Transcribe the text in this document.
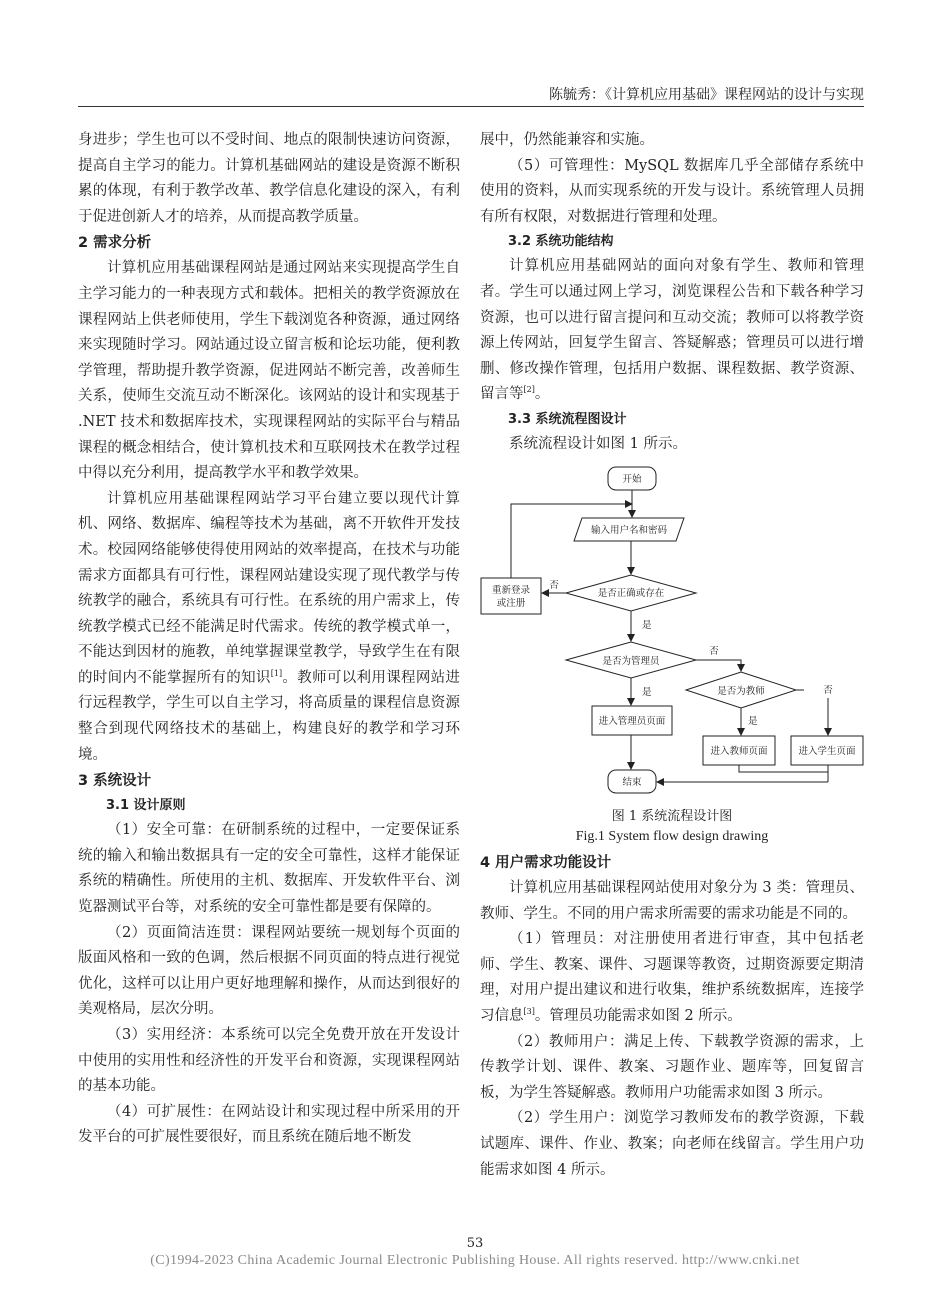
陈毓秀：《计算机应用基础》课程网站的设计与实现

身进步；学生也可以不受时间、地点的限制快速访问资源，提高自主学习的能力。计算机基础网站的建设是资源不断积累的体现，有利于教学改革、教学信息化建设的深入，有利于促进创新人才的培养，从而提高教学质量。

2 需求分析

计算机应用基础课程网站是通过网站来实现提高学生自主学习能力的一种表现方式和载体。把相关的教学资源放在课程网站上供老师使用，学生下载浏览各种资源，通过网络来实现随时学习。网站通过设立留言板和论坛功能，便利教学管理，帮助提升教学资源，促进网站不断完善，改善师生关系，使师生交流互动不断深化。该网站的设计和实现基于 .NET 技术和数据库技术，实现课程网站的实际平台与精品课程的概念相结合，使计算机技术和互联网技术在教学过程中得以充分利用，提高教学水平和教学效果。

计算机应用基础课程网站学习平台建立要以现代计算机、网络、数据库、编程等技术为基础，离不开软件开发技术。校园网络能够使得使用网站的效率提高，在技术与功能需求方面都具有可行性，课程网站建设实现了现代教学与传统教学的融合，系统具有可行性。在系统的用户需求上，传统教学模式已经不能满足时代需求。传统的教学模式单一，不能达到因材的施教，单纯掌握课堂教学，导致学生在有限的时间内不能掌握所有的知识[1]。教师可以利用课程网站进行远程教学，学生可以自主学习，将高质量的课程信息资源整合到现代网络技术的基础上，构建良好的教学和学习环境。

3 系统设计
3.1 设计原则

（1）安全可靠：在研制系统的过程中，一定要保证系统的输入和输出数据具有一定的安全可靠性，这样才能保证系统的精确性。所使用的主机、数据库、开发软件平台、浏览器测试平台等，对系统的安全可靠性都是要有保障的。

（2）页面简洁连贯：课程网站要统一规划每个页面的版面风格和一致的色调，然后根据不同页面的特点进行视觉优化，这样可以让用户更好地理解和操作，从而达到很好的美观格局，层次分明。

（3）实用经济：本系统可以完全免费开放在开发设计中使用的实用性和经济性的开发平台和资源，实现课程网站的基本功能。

（4）可扩展性：在网站设计和实现过程中所采用的开发平台的可扩展性要很好，而且系统在随后地不断发

展中，仍然能兼容和实施。

（5）可管理性：MySQL 数据库几乎全部储存系统中使用的资料，从而实现系统的开发与设计。系统管理人员拥有所有权限，对数据进行管理和处理。

3.2 系统功能结构

计算机应用基础网站的面向对象有学生、教师和管理者。学生可以通过网上学习，浏览课程公告和下载各种学习资源，也可以进行留言提问和互动交流；教师可以将教学资源上传网站，回复学生留言、答疑解惑；管理员可以进行增删、修改操作管理，包括用户数据、课程数据、教学资源、留言等[2]。

3.3 系统流程图设计

系统流程设计如图 1 所示。

开始
输入用户名和密码
重新登录
或注册
是否正确或存在
否
是
是否为管理员
否
是	是否为教师	否
是
进入管理员页面
进入教师页面	进入学生页面
结束
图 1 系统流程设计图
Fig.1 System flow design drawing
4 用户需求功能设计

计算机应用基础课程网站使用对象分为 3 类：管理员、教师、学生。不同的用户需求所需要的需求功能是不同的。

（1）管理员：对注册使用者进行审查，其中包括老师、学生、教案、课件、习题课等教资，过期资源要定期清理，对用户提出建议和进行收集，维护系统数据库，连接学习信息[3]。管理员功能需求如图 2 所示。

（2）教师用户：满足上传、下载教学资源的需求，上传教学计划、课件、教案、习题作业、题库等，回复留言板，为学生答疑解惑。教师用户功能需求如图 3 所示。

（2）学生用户：浏览学习教师发布的教学资源，下载试题库、课件、作业、教案；向老师在线留言。学生用户功能需求如图 4 所示。

53
(C)1994-2023 China Academic Journal Electronic Publishing House. All rights reserved. http://www.cnki.net
